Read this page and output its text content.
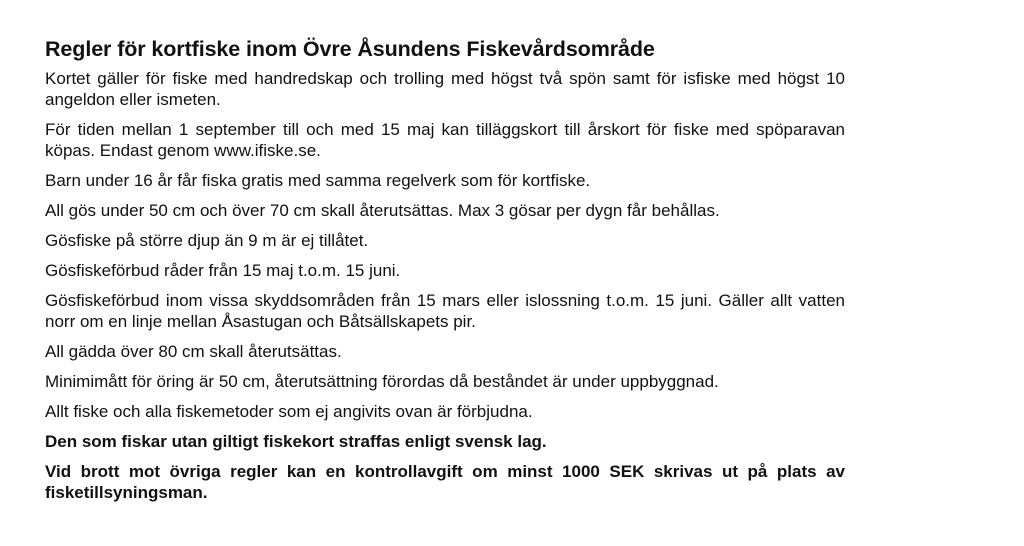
Regler för kortfiske inom Övre Åsundens Fiskevårdsområde

Kortet gäller för fiske med handredskap och trolling med högst två spön samt för isfiske med högst 10 angeldon eller ismeten.

För tiden mellan 1 september till och med 15 maj kan tilläggskort till årskort för fiske med spöparavan köpas. Endast genom www.ifiske.se.

Barn under 16 år får fiska gratis med samma regelverk som för kortfiske.

All gös under 50 cm och över 70 cm skall återutsättas. Max 3 gösar per dygn får behållas.

Gösfiske på större djup än 9 m är ej tillåtet.

Gösfiskeförbud råder från 15 maj t.o.m. 15 juni.

Gösfiskeförbud inom vissa skyddsområden från 15 mars eller islossning t.o.m. 15 juni. Gäller allt vatten norr om en linje mellan Åsastugan och Båtsällskapets pir.

All gädda över 80 cm skall återutsättas.

Minimimått för öring är 50 cm, återutsättning förordas då beståndet är under uppbyggnad.

Allt fiske och alla fiskemetoder som ej angivits ovan är förbjudna.

Den som fiskar utan giltigt fiskekort straffas enligt svensk lag.

Vid brott mot övriga regler kan en kontrollavgift om minst 1000 SEK skrivas ut på plats av fisketillsyningsman.
